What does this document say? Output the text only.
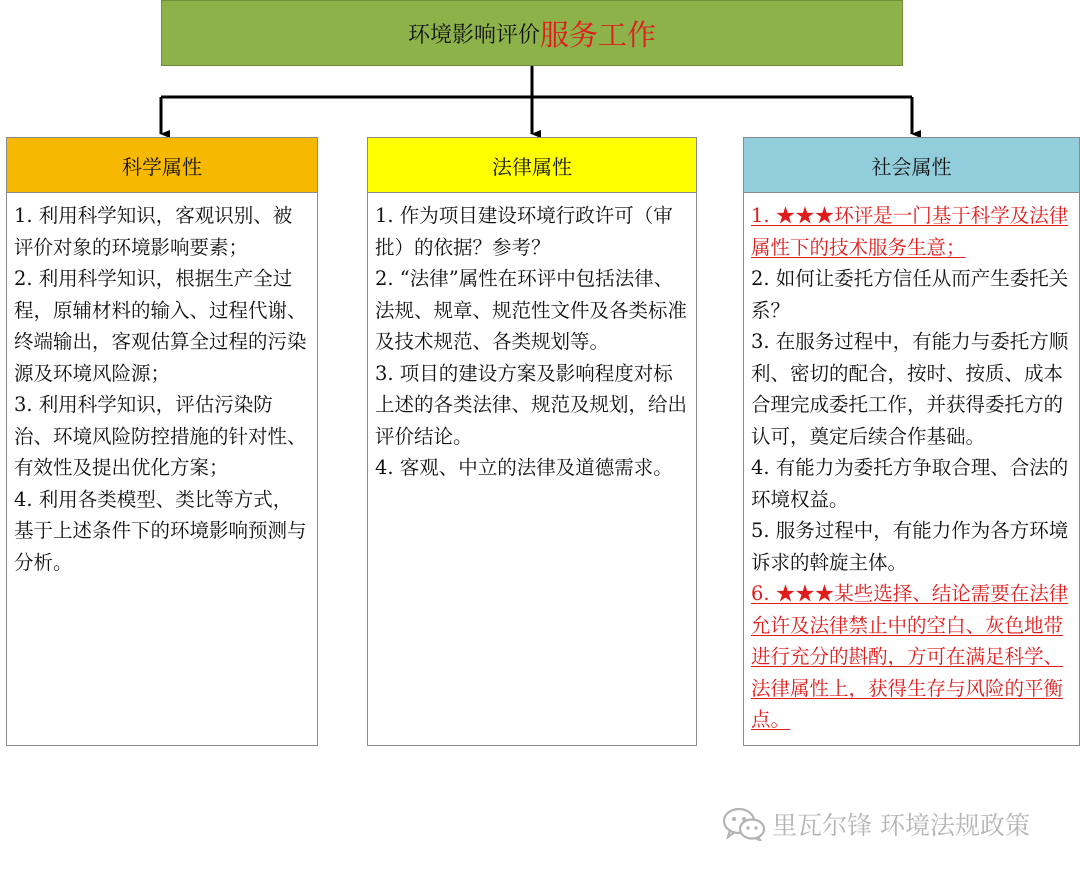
环境影响评价 服务工作
科学属性

1. 利用科学知识，客观识别、被评价对象的环境影响要素；

2. 利用科学知识，根据生产全过程，原辅材料的输入、过程代谢、终端输出，客观估算全过程的污染源及环境风险源；

3. 利用科学知识，评估污染防治、环境风险防控措施的针对性、有效性及提出优化方案；

4. 利用各类模型、类比等方式，基于上述条件下的环境影响预测与分析。

法律属性

1. 作为项目建设环境行政许可（审批）的依据？参考？

2. “法律”属性在环评中包括法律、法规、规章、规范性文件及各类标准及技术规范、各类规划等。

3. 项目的建设方案及影响程度对标上述的各类法律、规范及规划，给出评价结论。

4. 客观、中立的法律及道德需求。

社会属性

1. ★★★环评是一门基于科学及法律属性下的技术服务生意；

2. 如何让委托方信任从而产生委托关系？

3. 在服务过程中，有能力与委托方顺利、密切的配合，按时、按质、成本合理完成委托工作，并获得委托方的认可，奠定后续合作基础。

4. 有能力为委托方争取合理、合法的环境权益。

5. 服务过程中，有能力作为各方环境诉求的斡旋主体。

6. ★★★某些选择、结论需要在法律允许及法律禁止中的空白、灰色地带进行充分的斟酌，方可在满足科学、法律属性上，获得生存与风险的平衡点。

里瓦尔锋 环境法规政策
